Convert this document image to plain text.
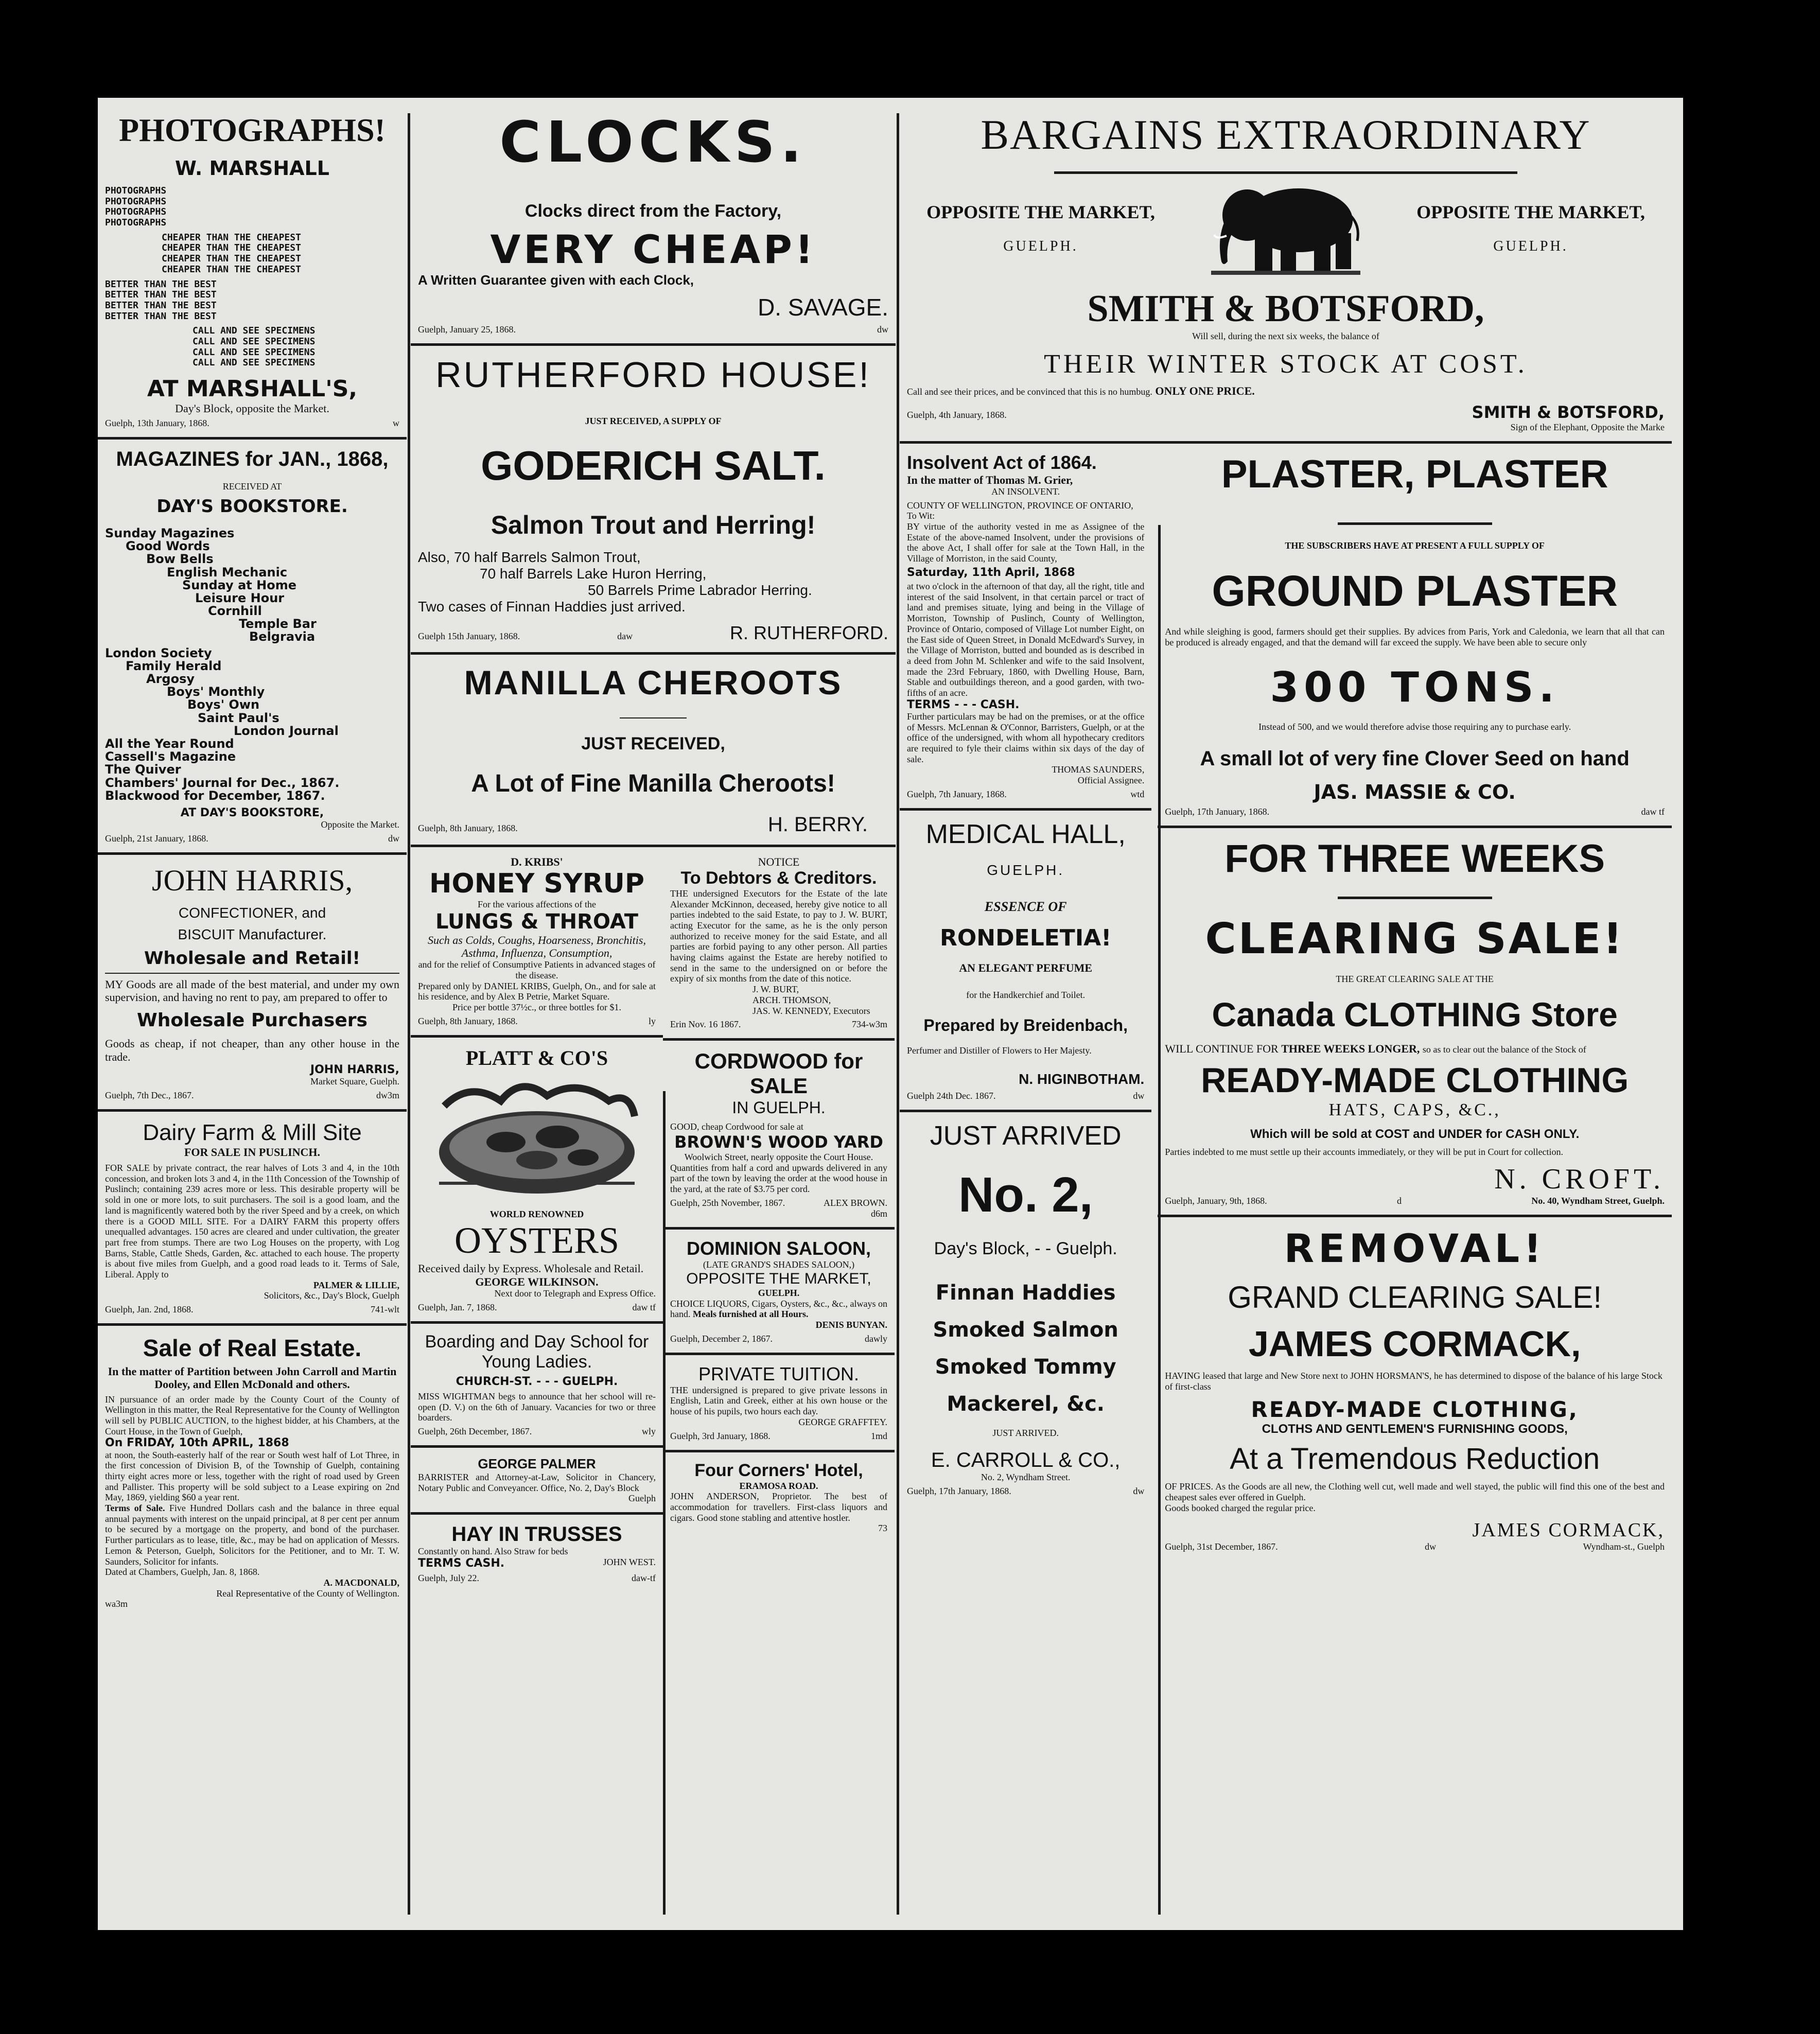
PHOTOGRAPHS!
W. MARSHALL
PHOTOGRAPHS
PHOTOGRAPHS
PHOTOGRAPHS
PHOTOGRAPHS
CHEAPER THAN THE CHEAPEST
CHEAPER THAN THE CHEAPEST
CHEAPER THAN THE CHEAPEST
CHEAPER THAN THE CHEAPEST
BETTER THAN THE BEST
BETTER THAN THE BEST
BETTER THAN THE BEST
BETTER THAN THE BEST
CALL AND SEE SPECIMENS
CALL AND SEE SPECIMENS
CALL AND SEE SPECIMENS
CALL AND SEE SPECIMENS
AT MARSHALL'S,
Day's Block, opposite the Market.
Guelph, 13th January, 1868.	w
MAGAZINES for JAN., 1868,
RECEIVED AT
DAY'S BOOKSTORE.
Sunday Magazines
Good Words
Bow Bells
English Mechanic
Sunday at Home
Leisure Hour
Cornhill
Temple Bar
Belgravia
London Society
Family Herald
Argosy
Boys' Monthly
Boys' Own
Saint Paul's
London Journal
All the Year Round
Cassell's Magazine
The Quiver
Chambers' Journal for Dec., 1867.
Blackwood for December, 1867.
AT DAY'S BOOKSTORE,
Opposite the Market.
Guelph, 21st January, 1868.	dw
JOHN HARRIS,
CONFECTIONER, and
BISCUIT Manufacturer.
Wholesale and Retail!
MY Goods are all made of the best material, and under my own supervision, and having no rent to pay, am prepared to offer to
Wholesale Purchasers
Goods as cheap, if not cheaper, than any other house in the trade.
JOHN HARRIS,
Market Square, Guelph.
Guelph, 7th Dec., 1867.	dw3m
Dairy Farm & Mill Site
FOR SALE IN PUSLINCH.
FOR SALE by private contract, the rear halves of Lots 3 and 4, in the 10th concession, and broken lots 3 and 4, in the 11th Concession of the Township of Puslinch; containing 239 acres more or less. This desirable property will be sold in one or more lots, to suit purchasers. The soil is a good loam, and the land is magnificently watered both by the river Speed and by a creek, on which there is a GOOD MILL SITE. For a DAIRY FARM this property offers unequalled advantages. 150 acres are cleared and under cultivation, the greater part free from stumps. There are two Log Houses on the property, with Log Barns, Stable, Cattle Sheds, Garden, &c. attached to each house. The property is about five miles from Guelph, and a good road leads to it. Terms of Sale, Liberal. Apply to
PALMER & LILLIE,
Solicitors, &c., Day's Block, Guelph
Guelph, Jan. 2nd, 1868.	741-wlt
Sale of Real Estate.
In the matter of Partition between John Carroll and Martin Dooley, and Ellen McDonald and others.
IN pursuance of an order made by the County Court of the County of Wellington in this matter, the Real Representative for the County of Wellington will sell by PUBLIC AUCTION, to the highest bidder, at his Chambers, at the Court House, in the Town of Guelph,
On FRIDAY, 10th APRIL, 1868
at noon, the South-easterly half of the rear or South west half of Lot Three, in the first concession of Division B, of the Township of Guelph, containing thirty eight acres more or less, together with the right of road used by Green and Pallister. This property will be sold subject to a Lease expiring on 2nd May, 1869, yielding $60 a year rent.
Terms of Sale. Five Hundred Dollars cash and the balance in three equal annual payments with interest on the unpaid principal, at 8 per cent per annum to be secured by a mortgage on the property, and bond of the purchaser. Further particulars as to lease, title, &c., may be had on application of Messrs. Lemon & Peterson, Guelph, Solicitors for the Petitioner, and to Mr. T. W. Saunders, Solicitor for infants.
Dated at Chambers, Guelph, Jan. 8, 1868.
A. MACDONALD,
Real Representative of the County of Wellington.
wa3m
CLOCKS.
Clocks direct from the Factory,
VERY CHEAP!
A Written Guarantee given with each Clock,
D. SAVAGE.
Guelph, January 25, 1868.	dw
RUTHERFORD HOUSE!
JUST RECEIVED, A SUPPLY OF
GODERICH SALT.
Salmon Trout and Herring!
Also, 70 half Barrels Salmon Trout,
70 half Barrels Lake Huron Herring,
50 Barrels Prime Labrador Herring.
Two cases of Finnan Haddies just arrived.
Guelph 15th January, 1868.	daw	R. RUTHERFORD.
MANILLA CHEROOTS
JUST RECEIVED,
A Lot of Fine Manilla Cheroots!
Guelph, 8th January, 1868.	H. BERRY.
D. KRIBS'
HONEY SYRUP
For the various affections of the
LUNGS & THROAT
Such as Colds, Coughs, Hoarseness, Bronchitis, Asthma, Influenza, Consumption,
and for the relief of Consumptive Patients in advanced stages of the disease.
Prepared only by DANIEL KRIBS, Guelph, On., and for sale at his residence, and by Alex B Petrie, Market Square.
Price per bottle 37½c., or three bottles for $1.
Guelph, 8th January, 1868.	ly
PLATT & CO'S
WORLD RENOWNED
OYSTERS
Received daily by Express. Wholesale and Retail.
GEORGE WILKINSON.
Next door to Telegraph and Express Office.
Guelph, Jan. 7, 1868.	daw tf
Boarding and Day School for Young Ladies.
CHURCH-ST. - - - GUELPH.
MISS WIGHTMAN begs to announce that her school will re-open (D. V.) on the 6th of January. Vacancies for two or three boarders.
Guelph, 26th December, 1867.	wly
GEORGE PALMER
BARRISTER and Attorney-at-Law, Solicitor in Chancery, Notary Public and Conveyancer. Office, No. 2, Day's Block
Guelph
HAY IN TRUSSES
Constantly on hand. Also Straw for beds
TERMS CASH.	JOHN WEST.
Guelph, July 22.	daw-tf
NOTICE
To Debtors & Creditors.
THE undersigned Executors for the Estate of the late Alexander McKinnon, deceased, hereby give notice to all parties indebted to the said Estate, to pay to J. W. BURT, acting Executor for the same, as he is the only person authorized to receive money for the said Estate, and all parties are forbid paying to any other person. All parties having claims against the Estate are hereby notified to send in the same to the undersigned on or before the expiry of six months from the date of this notice.
J. W. BURT,
ARCH. THOMSON,
JAS. W. KENNEDY, Executors
Erin Nov. 16 1867.	734-w3m
CORDWOOD for SALE
IN GUELPH.
GOOD, cheap Cordwood for sale at
BROWN'S WOOD YARD
Woolwich Street, nearly opposite the Court House.
Quantities from half a cord and upwards delivered in any part of the town by leaving the order at the wood house in the yard, at the rate of $3.75 per cord.
Guelph, 25th November, 1867.	ALEX BROWN.
d6m
DOMINION SALOON,
(LATE GRAND'S SHADES SALOON,)
OPPOSITE THE MARKET,
GUELPH.
CHOICE LIQUORS, Cigars, Oysters, &c., &c., always on hand. Meals furnished at all Hours.
DENIS BUNYAN.
Guelph, December 2, 1867.	dawly
PRIVATE TUITION.
THE undersigned is prepared to give private lessons in English, Latin and Greek, either at his own house or the house of his pupils, two hours each day.
GEORGE GRAFFTEY.
Guelph, 3rd January, 1868.	1md
Four Corners' Hotel,
ERAMOSA ROAD.
JOHN ANDERSON, Proprietor. The best of accommodation for travellers. First-class liquors and cigars. Good stone stabling and attentive hostler.
73
BARGAINS EXTRAORDINARY
OPPOSITE THE MARKET,
GUELPH.
OPPOSITE THE MARKET,
GUELPH.
SMITH & BOTSFORD,
Will sell, during the next six weeks, the balance of
THEIR WINTER STOCK AT COST.
Call and see their prices, and be convinced that this is no humbug. ONLY ONE PRICE.
Guelph, 4th January, 1868.	SMITH & BOTSFORD,
Sign of the Elephant, Opposite the Marke
Insolvent Act of 1864.
In the matter of Thomas M. Grier,
AN INSOLVENT.
COUNTY OF WELLINGTON, PROVINCE OF ONTARIO, To Wit:
BY virtue of the authority vested in me as Assignee of the Estate of the above-named Insolvent, under the provisions of the above Act, I shall offer for sale at the Town Hall, in the Village of Morriston, in the said County,
Saturday, 11th April, 1868
at two o'clock in the afternoon of that day, all the right, title and interest of the said Insolvent, in that certain parcel or tract of land and premises situate, lying and being in the Village of Morriston, Township of Puslinch, County of Wellington, Province of Ontario, composed of Village Lot number Eight, on the East side of Queen Street, in Donald McEdward's Survey, in the Village of Morriston, butted and bounded as is described in a deed from John M. Schlenker and wife to the said Insolvent, made the 23rd February, 1860, with Dwelling House, Barn, Stable and outbuildings thereon, and a good garden, with two-fifths of an acre.
TERMS - - - CASH.
Further particulars may be had on the premises, or at the office of Messrs. McLennan & O'Connor, Barristers, Guelph, or at the office of the undersigned, with whom all hypothecary creditors are required to fyle their claims within six days of the day of sale.
THOMAS SAUNDERS,
Official Assignee.
Guelph, 7th January, 1868.	wtd
MEDICAL HALL,
GUELPH.
ESSENCE OF
RONDELETIA!
AN ELEGANT PERFUME
for the Handkerchief and Toilet.
Prepared by Breidenbach,
Perfumer and Distiller of Flowers to Her Majesty.
N. HIGINBOTHAM.
Guelph 24th Dec. 1867.	dw
JUST ARRIVED
No. 2,
Day's Block, - - Guelph.
Finnan Haddies
Smoked Salmon
Smoked Tommy
Mackerel, &c.
JUST ARRIVED.
E. CARROLL & CO.,
No. 2, Wyndham Street.
Guelph, 17th January, 1868.	dw
PLASTER, PLASTER
THE SUBSCRIBERS HAVE AT PRESENT A FULL SUPPLY OF
GROUND PLASTER
And while sleighing is good, farmers should get their supplies. By advices from Paris, York and Caledonia, we learn that all that can be produced is already engaged, and that the demand will far exceed the supply. We have been able to secure only
300 TONS.
Instead of 500, and we would therefore advise those requiring any to purchase early.
A small lot of very fine Clover Seed on hand
JAS. MASSIE & CO.
Guelph, 17th January, 1868.	daw tf
FOR THREE WEEKS
CLEARING SALE!
THE GREAT CLEARING SALE AT THE
Canada CLOTHING Store
WILL CONTINUE FOR THREE WEEKS LONGER, so as to clear out the balance of the Stock of
READY-MADE CLOTHING
HATS, CAPS, &C.,
Which will be sold at COST and UNDER for CASH ONLY.
Parties indebted to me must settle up their accounts immediately, or they will be put in Court for collection.
N. CROFT.
Guelph, January, 9th, 1868.	d	No. 40, Wyndham Street, Guelph.
REMOVAL!
GRAND CLEARING SALE!
JAMES CORMACK,
HAVING leased that large and New Store next to JOHN HORSMAN'S, he has determined to dispose of the balance of his large Stock of first-class
READY-MADE CLOTHING,
CLOTHS AND GENTLEMEN'S FURNISHING GOODS,
At a Tremendous Reduction
OF PRICES. As the Goods are all new, the Clothing well cut, well made and well stayed, the public will find this one of the best and cheapest sales ever offered in Guelph.
Goods booked charged the regular price.
JAMES CORMACK,
Guelph, 31st December, 1867.	dw	Wyndham-st., Guelph
